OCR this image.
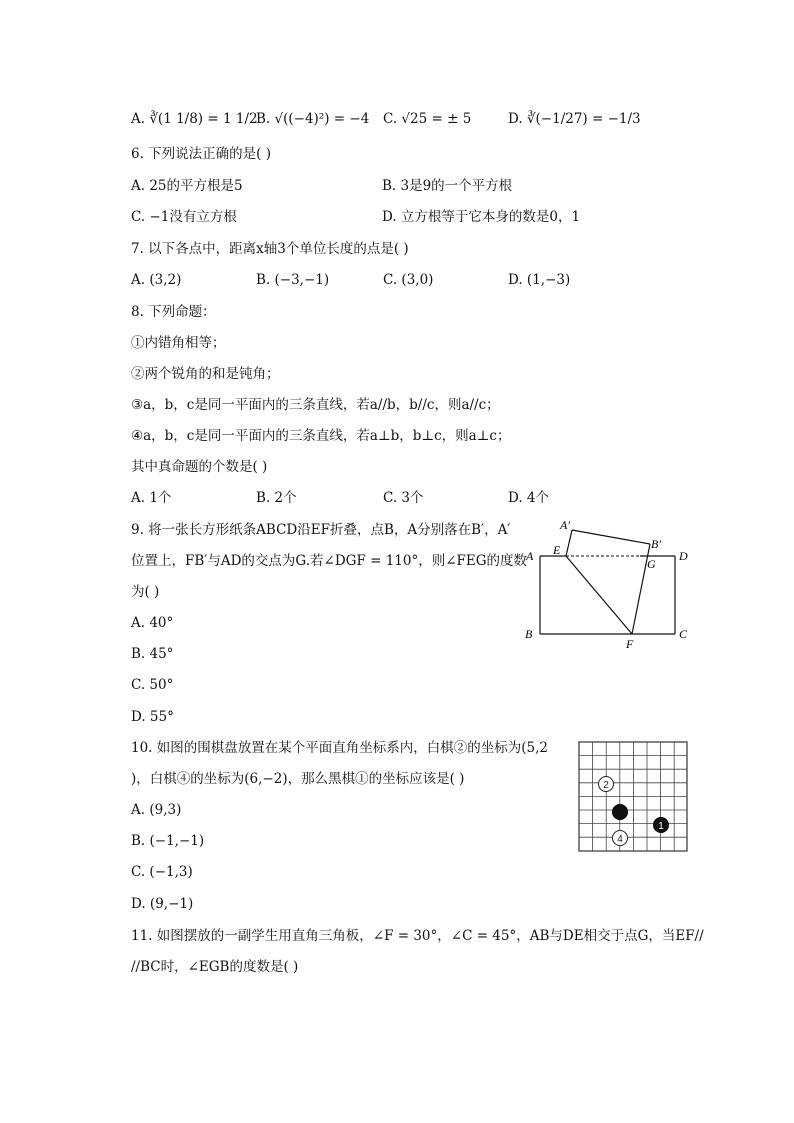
A. ∛(1 1/8) = 1 1/2
B. √((−4)²) = −4 C. √25 = ± 5	D. ∛(−1/27) = −1/3
6. 下列说法正确的是( )
A. 25的平方根是5	B. 3是9的一个平方根
C. −1没有立方根	D. 立方根等于它本身的数是0，1
7. 以下各点中，距离x轴3个单位长度的点是( )
A. (3,2)	B. (−3,−1)	C. (3,0)	D. (1,−3)
8. 下列命题：
①内错角相等；
②两个锐角的和是钝角；
③a，b，c是同一平面内的三条直线，若a//b，b//c，则a//c；
④a，b，c是同一平面内的三条直线，若a⊥b，b⊥c，则a⊥c；
其中真命题的个数是( )
A. 1个	B. 2个	C. 3个	D. 4个
9. 将一张长方形纸条ABCD沿EF折叠，点B，A分别落在B′，A′
位置上，FB′与AD的交点为G.若∠DGF = 110°，则∠FEG的度数
为( )
A. 40°
B. 45°
C. 50°
D. 55°
A′
E
A
B′
G
D
B
F
C
10. 如图的围棋盘放置在某个平面直角坐标系内，白棋②的坐标为(5,2
)，白棋④的坐标为(6,−2)，那么黑棋①的坐标应该是( )
A. (9,3)
B. (−1,−1)
C. (−1,3)
D. (9,−1)
2
4
1
11. 如图摆放的一副学生用直角三角板，∠F = 30°，∠C = 45°，AB与DE相交于点G，当EF//
//BC时，∠EGB的度数是( )
